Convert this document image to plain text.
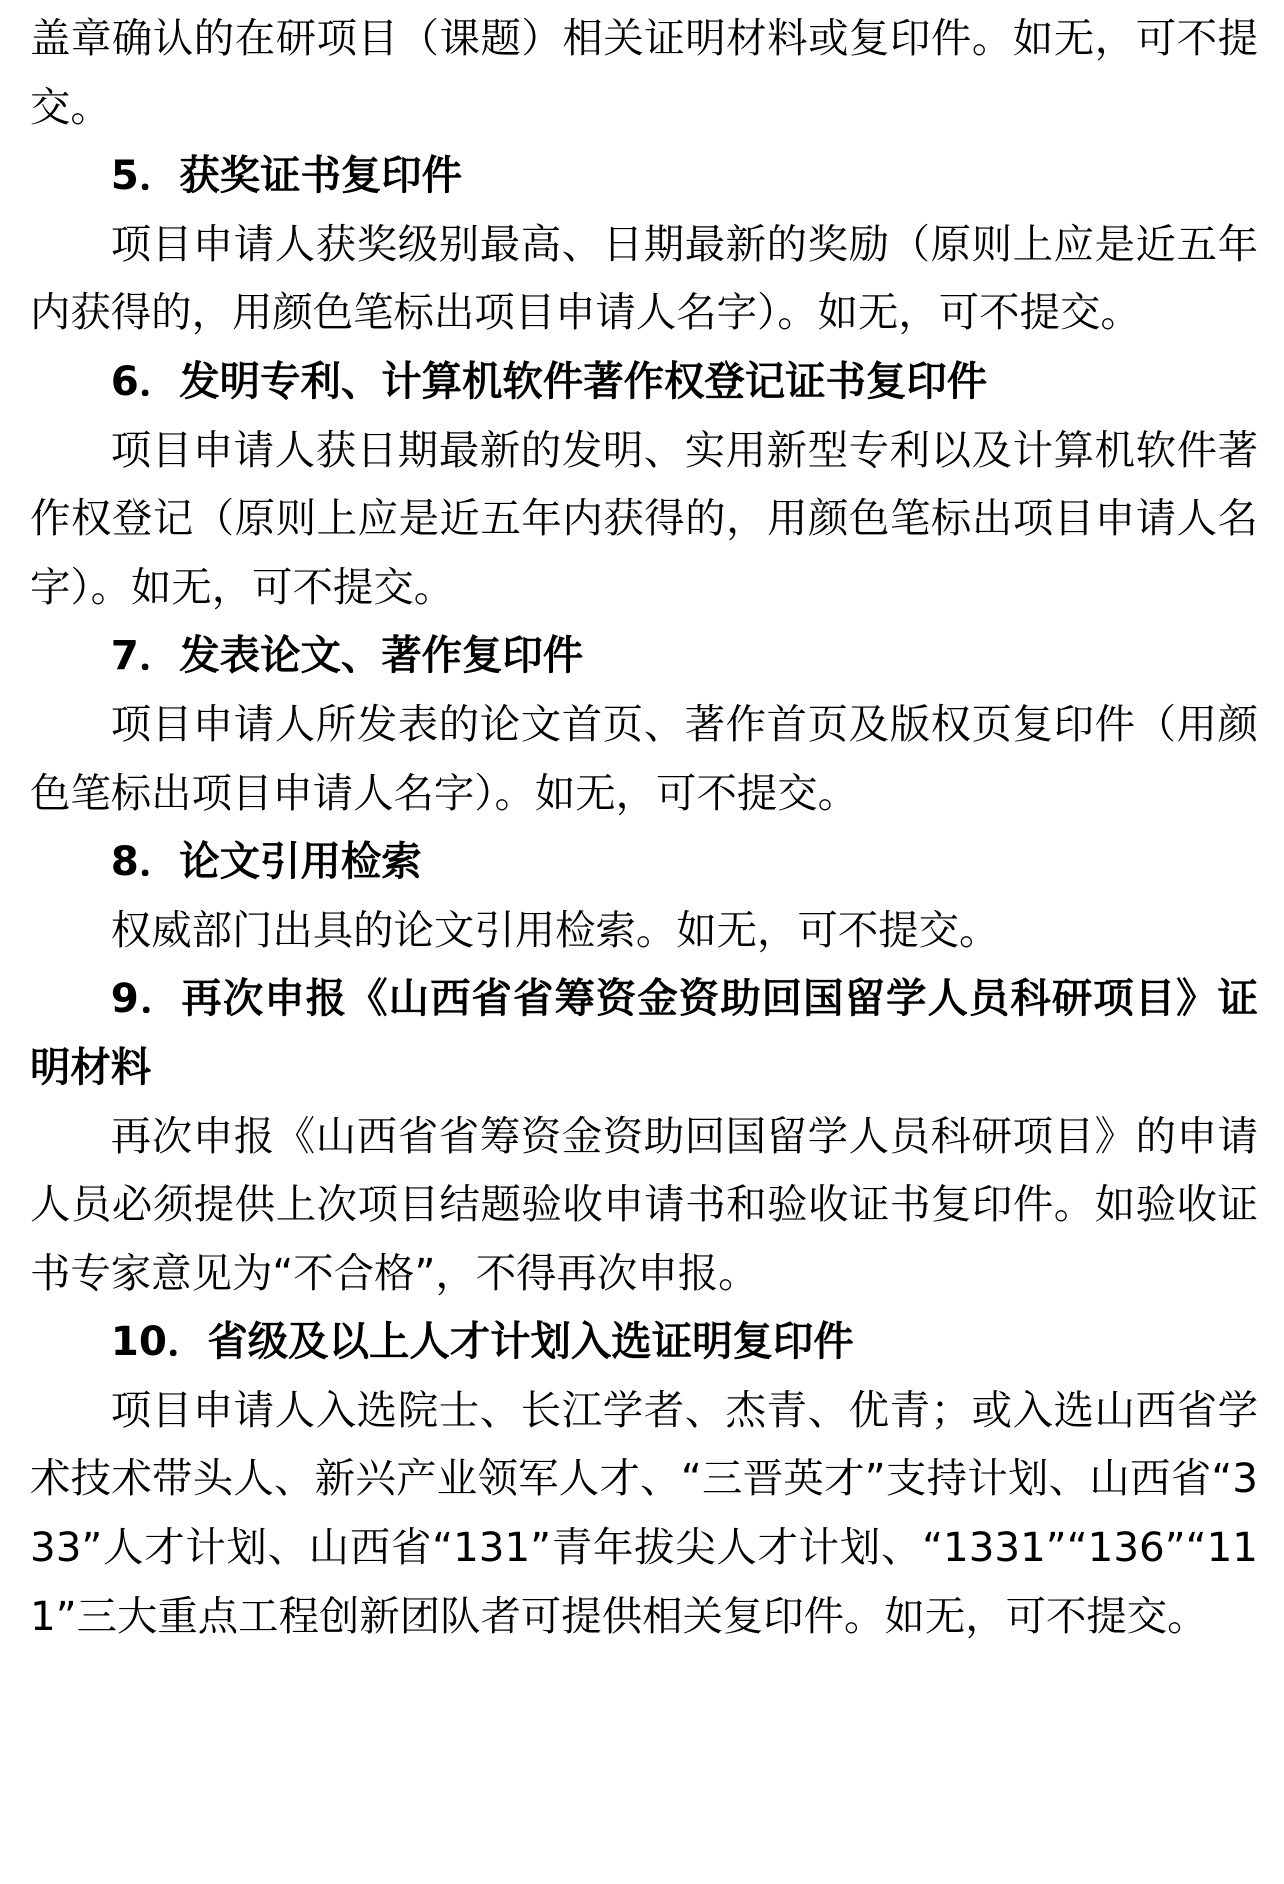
盖章确认的在研项目（课题）相关证明材料或复印件。如无，可不提交。

5．获奖证书复印件

项目申请人获奖级别最高、日期最新的奖励（原则上应是近五年内获得的，用颜色笔标出项目申请人名字）。如无，可不提交。

6．发明专利、计算机软件著作权登记证书复印件

项目申请人获日期最新的发明、实用新型专利以及计算机软件著作权登记（原则上应是近五年内获得的，用颜色笔标出项目申请人名字）。如无，可不提交。

7．发表论文、著作复印件

项目申请人所发表的论文首页、著作首页及版权页复印件（用颜色笔标出项目申请人名字）。如无，可不提交。

8．论文引用检索

权威部门出具的论文引用检索。如无，可不提交。

9．再次申报《山西省省筹资金资助回国留学人员科研项目》证明材料

再次申报《山西省省筹资金资助回国留学人员科研项目》的申请人员必须提供上次项目结题验收申请书和验收证书复印件。如验收证书专家意见为“不合格”，不得再次申报。

10．省级及以上人才计划入选证明复印件

项目申请人入选院士、长江学者、杰青、优青；或入选山西省学术技术带头人、新兴产业领军人才、“三晋英才”支持计划、山西省“333”人才计划、山西省“131”青年拔尖人才计划、“1331”“136”“111”三大重点工程创新团队者可提供相关复印件。如无，可不提交。
